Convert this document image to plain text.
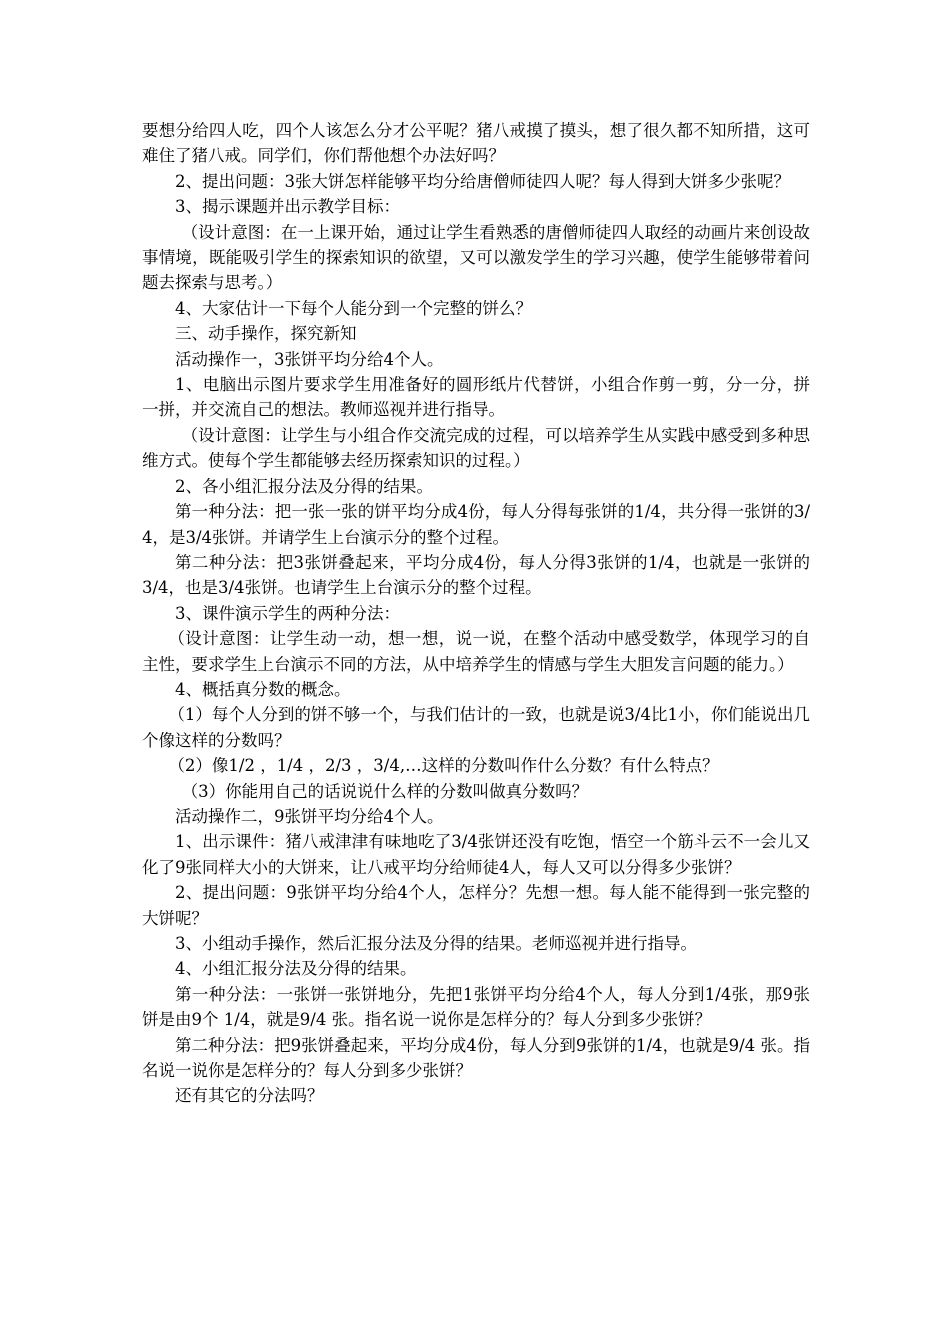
要想分给四人吃，四个人该怎么分才公平呢？猪八戒摸了摸头，想了很久都不知所措，这可难住了猪八戒。同学们，你们帮他想个办法好吗？

2、提出问题：3张大饼怎样能够平均分给唐僧师徒四人呢？每人得到大饼多少张呢？

3、揭示课题并出示教学目标：

（设计意图：在一上课开始，通过让学生看熟悉的唐僧师徒四人取经的动画片来创设故事情境，既能吸引学生的探索知识的欲望，又可以激发学生的学习兴趣，使学生能够带着问题去探索与思考。）

4、大家估计一下每个人能分到一个完整的饼么？

三、动手操作，探究新知

活动操作一，3张饼平均分给4个人。

1、电脑出示图片要求学生用准备好的圆形纸片代替饼，小组合作剪一剪，分一分，拼一拼，并交流自己的想法。教师巡视并进行指导。

（设计意图：让学生与小组合作交流完成的过程，可以培养学生从实践中感受到多种思维方式。使每个学生都能够去经历探索知识的过程。）

2、各小组汇报分法及分得的结果。

第一种分法：把一张一张的饼平均分成4份，每人分得每张饼的1/4，共分得一张饼的3/4，是3/4张饼。并请学生上台演示分的整个过程。

第二种分法：把3张饼叠起来，平均分成4份，每人分得3张饼的1/4，也就是一张饼的3/4，也是3/4张饼。也请学生上台演示分的整个过程。

3、课件演示学生的两种分法：

（设计意图：让学生动一动，想一想，说一说，在整个活动中感受数学，体现学习的自主性，要求学生上台演示不同的方法，从中培养学生的情感与学生大胆发言问题的能力。）

4、概括真分数的概念。

（1）每个人分到的饼不够一个，与我们估计的一致，也就是说3/4比1小，你们能说出几个像这样的分数吗？

（2）像1/2 ，1/4 ，2/3 ，3/4,…这样的分数叫作什么分数？有什么特点？

（3）你能用自己的话说说什么样的分数叫做真分数吗？

活动操作二，9张饼平均分给4个人。

1、出示课件：猪八戒津津有味地吃了3/4张饼还没有吃饱，悟空一个筋斗云不一会儿又化了9张同样大小的大饼来，让八戒平均分给师徒4人，每人又可以分得多少张饼？

2、提出问题：9张饼平均分给4个人，怎样分？先想一想。每人能不能得到一张完整的大饼呢？

3、小组动手操作，然后汇报分法及分得的结果。老师巡视并进行指导。

4、小组汇报分法及分得的结果。

第一种分法：一张饼一张饼地分，先把1张饼平均分给4个人，每人分到1/4张，那9张饼是由9个 1/4，就是9/4 张。指名说一说你是怎样分的？每人分到多少张饼？

第二种分法：把9张饼叠起来，平均分成4份，每人分到9张饼的1/4，也就是9/4 张。指名说一说你是怎样分的？每人分到多少张饼？

还有其它的分法吗？
